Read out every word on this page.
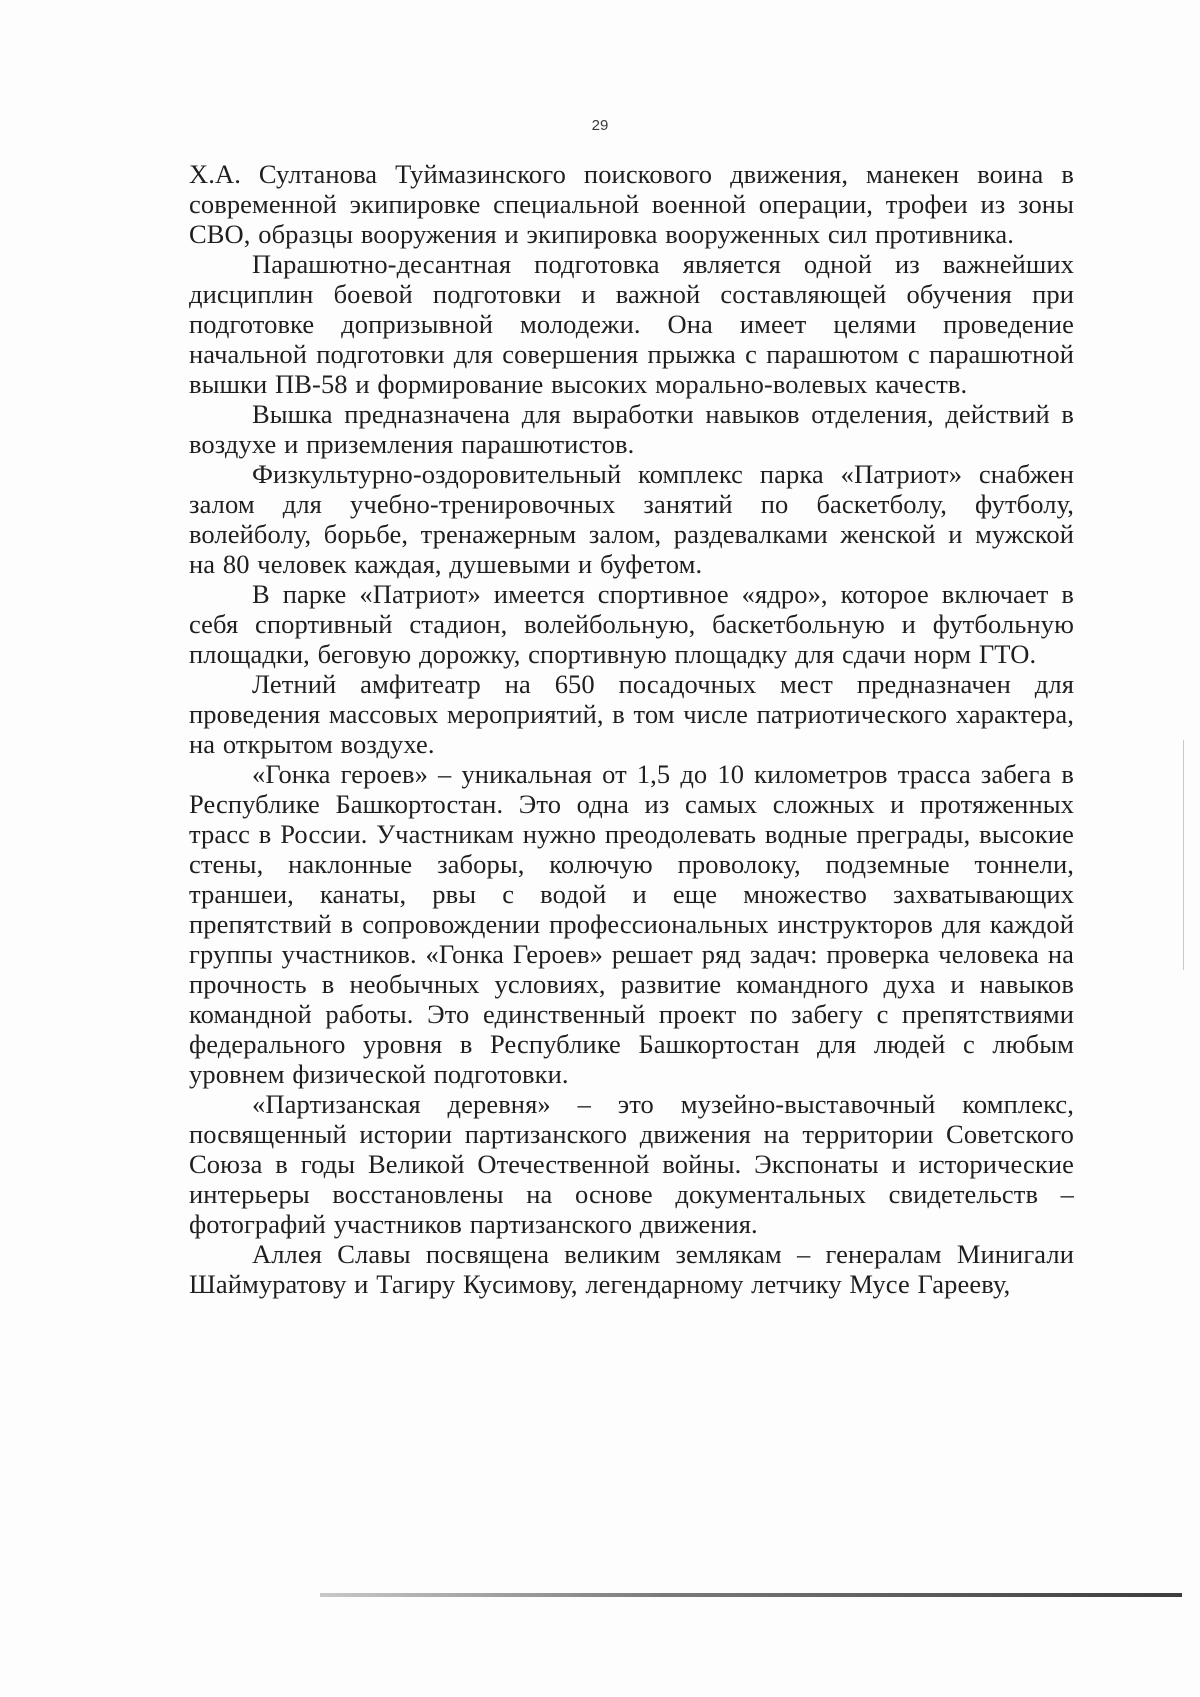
29

Х.А. Султанова Туймазинского поискового движения, манекен воина в современной экипировке специальной военной операции, трофеи из зоны СВО, образцы вооружения и экипировка вооруженных сил противника.

Парашютно-десантная подготовка является одной из важнейших дисциплин боевой подготовки и важной составляющей обучения при подготовке допризывной молодежи. Она имеет целями проведение начальной подготовки для совершения прыжка с парашютом с парашютной вышки ПВ-58 и формирование высоких морально-волевых качеств.

Вышка предназначена для выработки навыков отделения, действий в воздухе и приземления парашютистов.

Физкультурно-оздоровительный комплекс парка «Патриот» снабжен залом для учебно-тренировочных занятий по баскетболу, футболу, волейболу, борьбе, тренажерным залом, раздевалками женской и мужской на 80 человек каждая, душевыми и буфетом.

В парке «Патриот» имеется спортивное «ядро», которое включает в себя спортивный стадион, волейбольную, баскетбольную и футбольную площадки, беговую дорожку, спортивную площадку для сдачи норм ГТО.

Летний амфитеатр на 650 посадочных мест предназначен для проведения массовых мероприятий, в том числе патриотического характера, на открытом воздухе.

«Гонка героев» – уникальная от 1,5 до 10 километров трасса забега в Республике Башкортостан. Это одна из самых сложных и протяженных трасс в России. Участникам нужно преодолевать водные преграды, высокие стены, наклонные заборы, колючую проволоку, подземные тоннели, траншеи, канаты, рвы с водой и еще множество захватывающих препятствий в сопровождении профессиональных инструкторов для каждой группы участников. «Гонка Героев» решает ряд задач: проверка человека на прочность в необычных условиях, развитие командного духа и навыков командной работы. Это единственный проект по забегу с препятствиями федерального уровня в Республике Башкортостан для людей с любым уровнем физической подготовки.

«Партизанская деревня» – это музейно-выставочный комплекс, посвященный истории партизанского движения на территории Советского Союза в годы Великой Отечественной войны. Экспонаты и исторические интерьеры восстановлены на основе документальных свидетельств – фотографий участников партизанского движения.

Аллея Славы посвящена великим землякам – генералам Минигали Шаймуратову и Тагиру Кусимову, легендарному летчику Мусе Гарееву,
